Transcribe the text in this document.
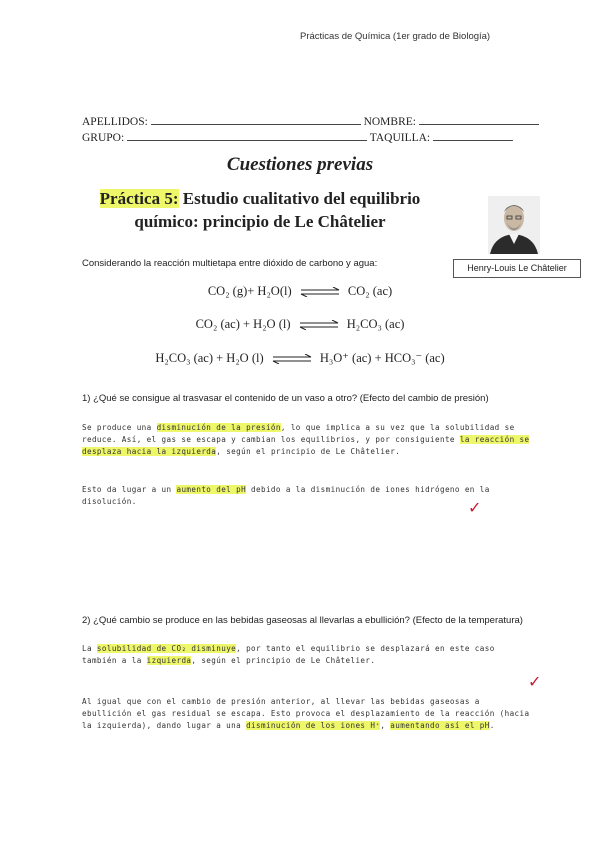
Prácticas de Química (1er grado de Biología)
APELLIDOS:	NOMBRE:
GRUPO:	TAQUILLA:
Cuestiones previas
Práctica 5: Estudio cualitativo del equilibrio
químico: principio de Le Châtelier
Henry-Louis Le Châtelier
Considerando la reacción multietapa entre dióxido de carbono y agua:
CO₂ (g)+ H₂O(l) ⇌ CO₂ (ac)
CO₂ (ac) + H₂O (l) ⇌ H₂CO₃ (ac)
H₂CO₃ (ac) + H₂O (l) ⇌ H₃O⁺ (ac) + HCO₃⁻ (ac)
1) ¿Qué se consigue al trasvasar el contenido de un vaso a otro? (Efecto del cambio de presión)
Se produce una disminución de la presión, lo que implica a su vez que la solubilidad se reduce. Así, el gas se escapa y cambian los equilibrios, y por consiguiente la reacción se desplaza hacia la izquierda, según el principio de Le Châtelier.
Esto da lugar a un aumento del pH debido a la disminución de iones hidrógeno en la disolución.	✓
2) ¿Qué cambio se produce en las bebidas gaseosas al llevarlas a ebullición? (Efecto de la temperatura)
La solubilidad de CO₂ disminuye, por tanto el equilibrio se desplazará en este caso también a la izquierda, según el principio de Le Châtelier.
Al igual que con el cambio de presión anterior, al llevar las bebidas gaseosas a ebullición el gas residual se escapa. Esto provoca el desplazamiento de la reacción (hacia la izquierda), dando lugar a una disminución de los iones H⁺, aumentando así el pH.
✓
